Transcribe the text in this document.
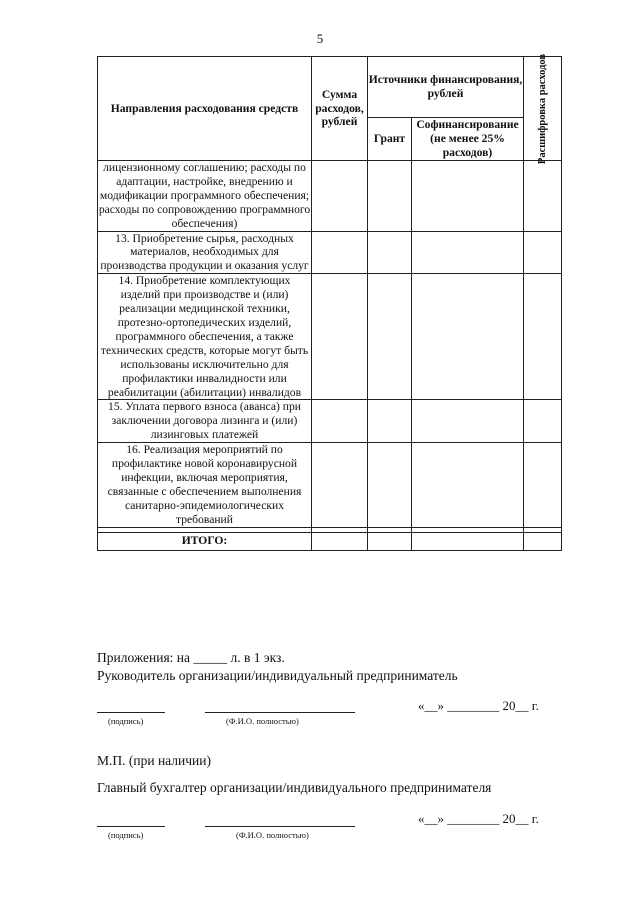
5
Направления расходования средств	Сумма расходов, рублей	Источники финансирования, рублей		Расшифровка расходов

		Грант	Софинансирование (не менее 25% расходов)	
лицензионному соглашению; расходы по адаптации, настройке, внедрению и модификации программного обеспечения; расходы по сопровождению программного обеспечения)				
13. Приобретение сырья, расходных материалов, необходимых для производства продукции и оказания услуг				
14. Приобретение комплектующих изделий при производстве и (или) реализации медицинской техники, протезно-ортопедических изделий, программного обеспечения, а также технических средств, которые могут быть использованы исключительно для профилактики инвалидности или реабилитации (абилитации) инвалидов				
15. Уплата первого взноса (аванса) при заключении договора лизинга и (или) лизинговых платежей				
16. Реализация мероприятий по профилактике новой коронавирусной инфекции, включая мероприятия, связанные с обеспечением выполнения санитарно-эпидемиологических требований				

ИТОГО:				
Приложения: на _____ л. в 1 экз.
Руководитель организации/индивидуальный предприниматель
(подпись)	(Ф.И.О. полностью)
«__» ________ 20__ г.
М.П. (при наличии)
Главный бухгалтер организации/индивидуального предпринимателя
(подпись)	(Ф.И.О. полностью)
«__» ________ 20__ г.
